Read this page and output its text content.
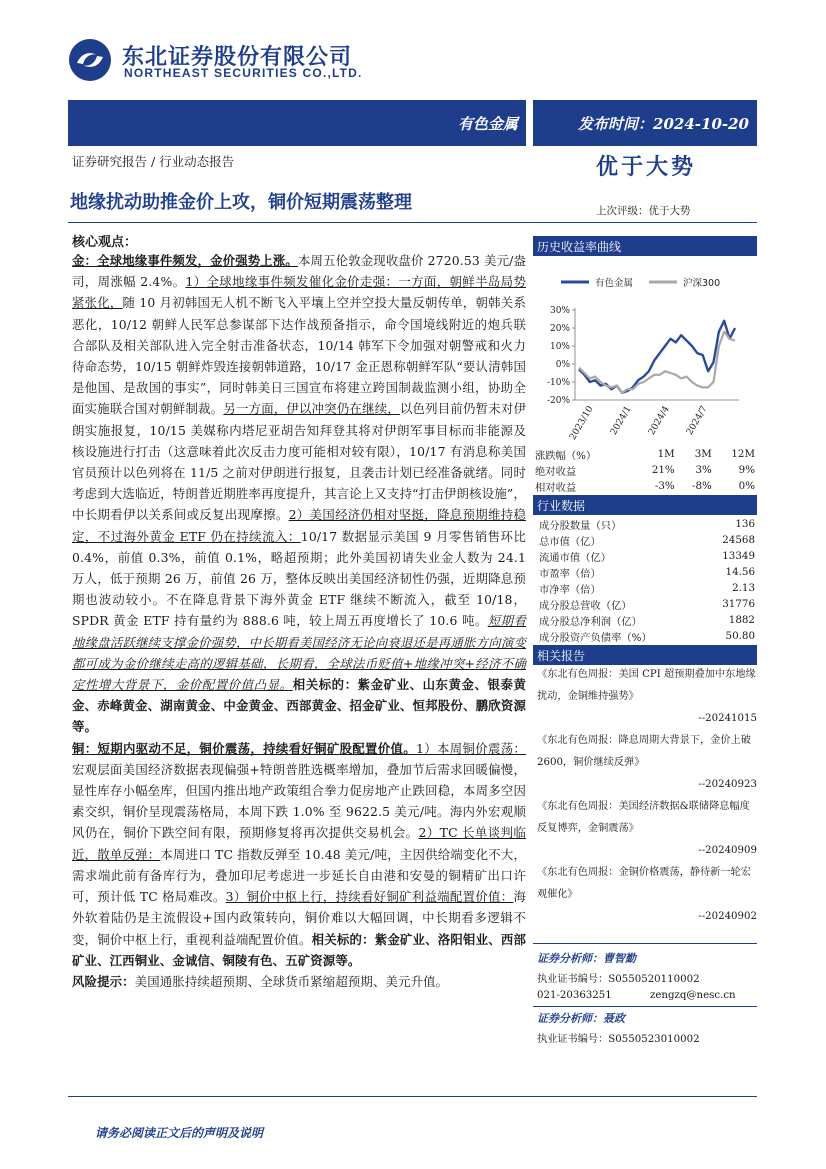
东北证券股份有限公司
NORTHEAST SECURITIES CO.,LTD.
有色金属	发布时间：2024-10-20
证券研究报告 / 行业动态报告	优于大势
地缘扰动助推金价上攻，铜价短期震荡整理	上次评级：优于大势
核心观点：

金：全球地缘事件频发，金价强势上涨。本周五伦敦金现收盘价 2720.53 美元/盎司，周涨幅 2.4%。1）全球地缘事件频发催化金价走强：一方面，朝鲜半岛局势紧张化，随 10 月初韩国无人机不断飞入平壤上空并空投大量反朝传单，朝韩关系恶化，10/12 朝鲜人民军总参谋部下达作战预备指示，命令国境线附近的炮兵联合部队及相关部队进入完全射击准备状态，10/14 韩军下令加强对朝警戒和火力待命态势，10/15 朝鲜炸毁连接朝韩道路，10/17 金正恩称朝鲜军队“要认清韩国是他国、是敌国的事实”，同时韩美日三国宣布将建立跨国制裁监测小组，协助全面实施联合国对朝鲜制裁。另一方面，伊以冲突仍在继续，以色列目前仍暂未对伊朗实施报复，10/15 美媒称内塔尼亚胡告知拜登其将对伊朗军事目标而非能源及核设施进行打击（这意味着此次反击力度可能相对较有限），10/17 有消息称美国官员预计以色列将在 11/5 之前对伊朗进行报复，且袭击计划已经准备就绪。同时考虑到大选临近，特朗普近期胜率再度提升，其言论上又支持“打击伊朗核设施”，中长期看伊以关系间或反复出现摩擦。2）美国经济仍相对坚挺，降息预期维持稳定，不过海外黄金 ETF 仍在持续流入：10/17 数据显示美国 9 月零售销售环比 0.4%，前值 0.3%，前值 0.1%，略超预期；此外美国初请失业金人数为 24.1 万人，低于预期 26 万，前值 26 万，整体反映出美国经济韧性仍强，近期降息预期也波动较小。不在降息背景下海外黄金 ETF 继续不断流入，截至 10/18，SPDR 黄金 ETF 持有量约为 888.6 吨，较上周五再度增长了 10.6 吨。短期看地缘盘活跃继续支撑金价强势，中长期看美国经济无论向衰退还是再通胀方向演变都可成为金价继续走高的逻辑基础，长期看，全球法币贬值+地缘冲突+经济不确定性增大背景下，金价配置价值凸显。相关标的：紫金矿业、山东黄金、银泰黄金、赤峰黄金、湖南黄金、中金黄金、西部黄金、招金矿业、恒邦股份、鹏欣资源等。

铜：短期内驱动不足，铜价震荡，持续看好铜矿股配置价值。1）本周铜价震荡：宏观层面美国经济数据表现偏强+特朗普胜选概率增加，叠加节后需求回暖偏慢，显性库存小幅垒库，但国内推出地产政策组合拳力促房地产止跌回稳，本周多空因素交织，铜价呈现震荡格局，本周下跌 1.0% 至 9622.5 美元/吨。海内外宏观顺风仍在，铜价下跌空间有限，预期修复将再次提供交易机会。2）TC 长单谈判临近，散单反弹：本周进口 TC 指数反弹至 10.48 美元/吨，主因供给端变化不大，需求端此前有备库行为，叠加印尼考虑进一步延长自由港和安曼的铜精矿出口许可，预计低 TC 格局难改。3）铜价中枢上行，持续看好铜矿利益端配置价值：海外软着陆仍是主流假设+国内政策转向，铜价难以大幅回调，中长期看多逻辑不变，铜价中枢上行，重视利益端配置价值。相关标的：紫金矿业、洛阳钼业、西部矿业、江西铜业、金诚信、铜陵有色、五矿资源等。

风险提示：美国通胀持续超预期、全球货币紧缩超预期、美元升值。

历史收益率曲线
有色金属	沪深300
30%
20%
10%
0%
-10%
-20%
2023/10 2024/1 2024/4 2024/7
涨跌幅（%）	1M	3M	12M
绝对收益	21%	3%	9%
相对收益	-3%	-8%	0%
行业数据
成分股数量（只）	136
总市值（亿）	24568
流通市值（亿）	13349
市盈率（倍）	14.56
市净率（倍）	2.13
成分股总营收（亿）	31776
成分股总净利润（亿）	1882
成分股资产负债率（%）	50.80
相关报告
《东北有色周报：美国 CPI 超预期叠加中东地缘扰动，金铜维持强势》
--20241015
《东北有色周报：降息周期大背景下，金价上破 2600，铜价继续反弹》
--20240923
《东北有色周报：美国经济数据&联储降息幅度反复博弈，金铜震荡》
--20240909
《东北有色周报：金铜价格震荡，静待新一轮宏观催化》
--20240902
证券分析师：曹智勤
执业证书编号：S0550520110002
021-20363251	zengzq@nesc.cn
证券分析师：聂政
执业证书编号：S0550523010002
请务必阅读正文后的声明及说明
